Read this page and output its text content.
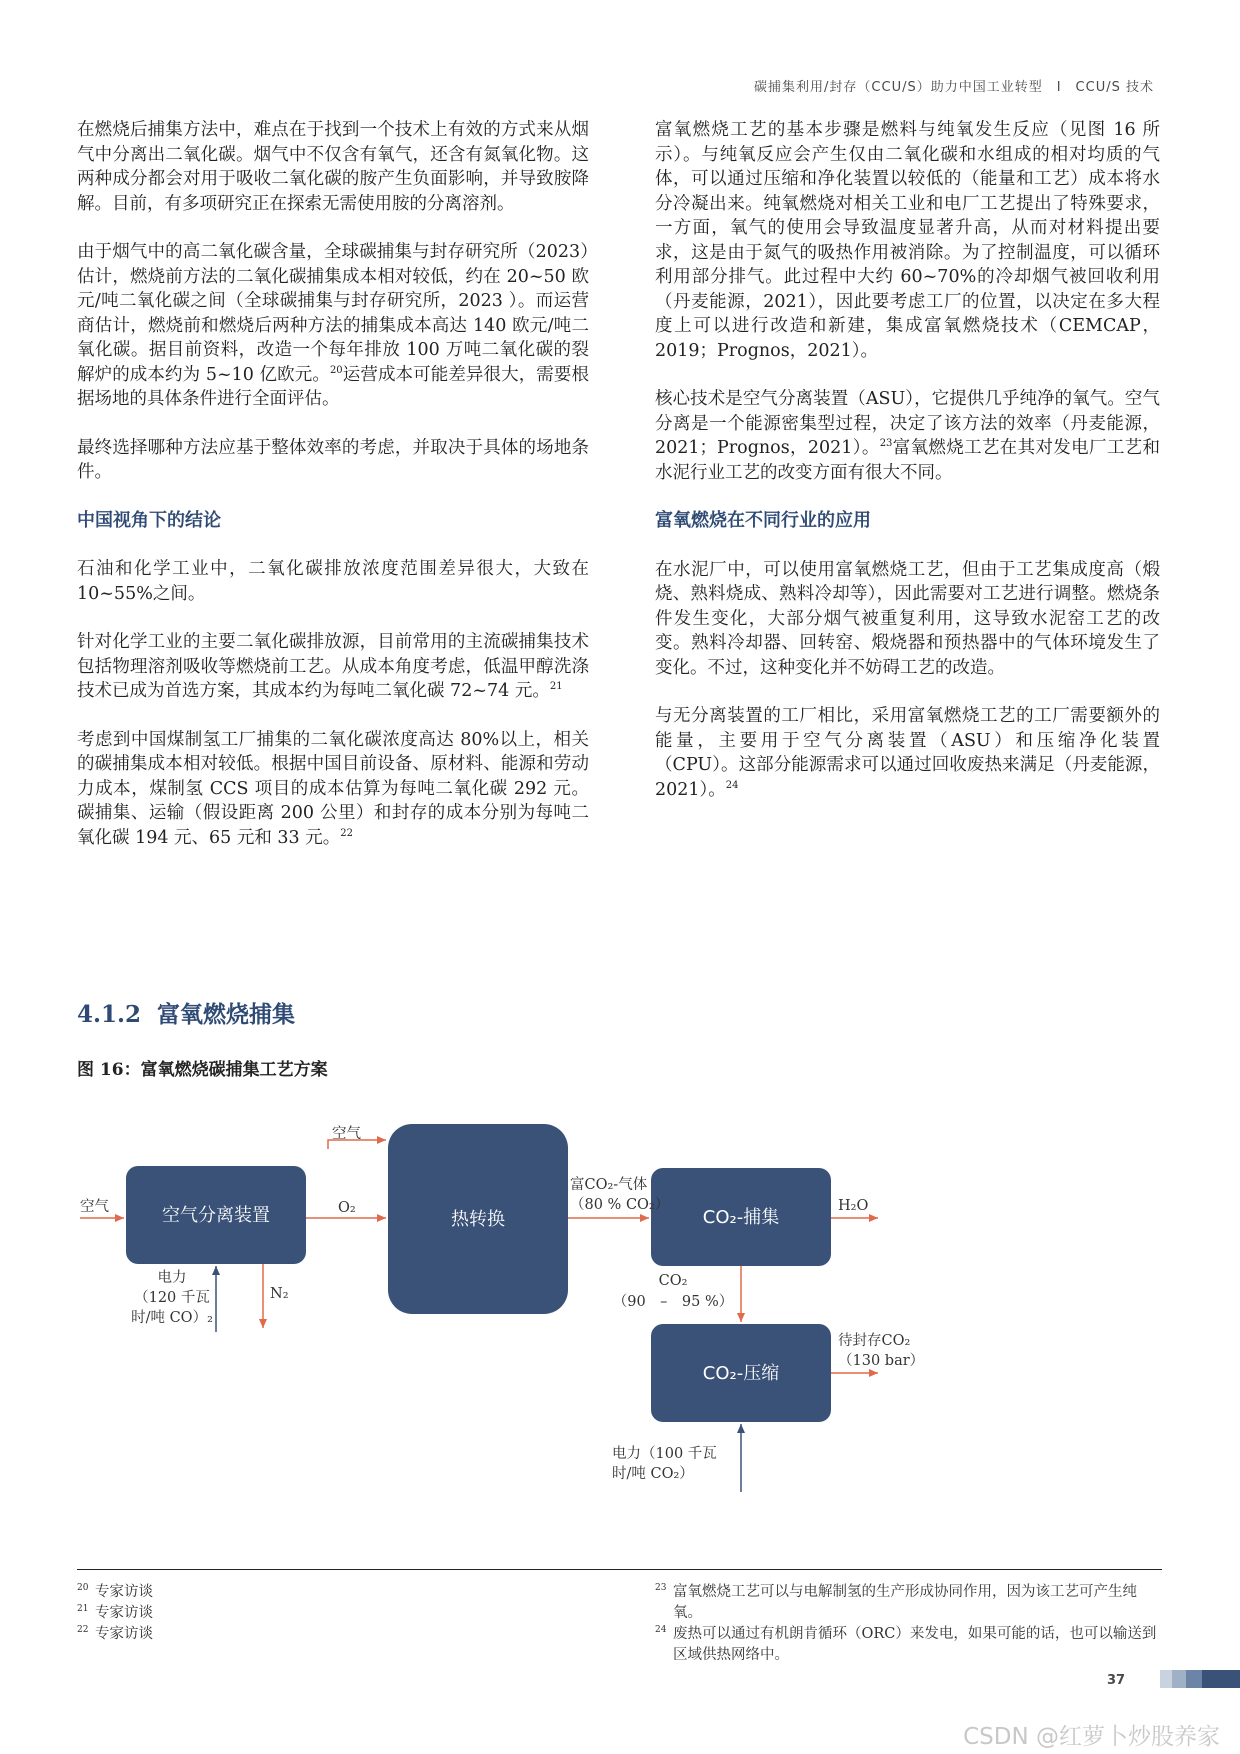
碳捕集利用/封存（CCU/S）助力中国工业转型　Ⅰ　CCU/S 技术

在燃烧后捕集方法中，难点在于找到一个技术上有效的方式来从烟气中分离出二氧化碳。烟气中不仅含有氧气，还含有氮氧化物。这两种成分都会对用于吸收二氧化碳的胺产生负面影响，并导致胺降解。目前，有多项研究正在探索无需使用胺的分离溶剂。

由于烟气中的高二氧化碳含量，全球碳捕集与封存研究所（2023）估计，燃烧前方法的二氧化碳捕集成本相对较低，约在 20~50 欧元/吨二氧化碳之间（全球碳捕集与封存研究所，2023 ）。而运营商估计，燃烧前和燃烧后两种方法的捕集成本高达 140 欧元/吨二氧化碳。据目前资料，改造一个每年排放 100 万吨二氧化碳的裂解炉的成本约为 5~10 亿欧元。$^{20}$运营成本可能差异很大，需要根据场地的具体条件进行全面评估。

最终选择哪种方法应基于整体效率的考虑，并取决于具体的场地条件。

中国视角下的结论

石油和化学工业中，二氧化碳排放浓度范围差异很大，大致在 10~55%之间。

针对化学工业的主要二氧化碳排放源，目前常用的主流碳捕集技术包括物理溶剂吸收等燃烧前工艺。从成本角度考虑，低温甲醇洗涤技术已成为首选方案，其成本约为每吨二氧化碳 72~74 元。$^{21}$

考虑到中国煤制氢工厂捕集的二氧化碳浓度高达 80%以上，相关的碳捕集成本相对较低。根据中国目前设备、原材料、能源和劳动力成本，煤制氢 CCS 项目的成本估算为每吨二氧化碳 292 元。碳捕集、运输（假设距离 200 公里）和封存的成本分别为每吨二氧化碳 194 元、65 元和 33 元。$^{22}$

富氧燃烧工艺的基本步骤是燃料与纯氧发生反应（见图 16 所示）。与纯氧反应会产生仅由二氧化碳和水组成的相对均质的气体，可以通过压缩和净化装置以较低的（能量和工艺）成本将水分冷凝出来。纯氧燃烧对相关工业和电厂工艺提出了特殊要求，一方面，氧气的使用会导致温度显著升高，从而对材料提出要求，这是由于氮气的吸热作用被消除。为了控制温度，可以循环利用部分排气。此过程中大约 60~70%的冷却烟气被回收利用（丹麦能源，2021），因此要考虑工厂的位置，以决定在多大程度上可以进行改造和新建，集成富氧燃烧技术（CEMCAP，2019；Prognos，2021）。

核心技术是空气分离装置（ASU），它提供几乎纯净的氧气。空气分离是一个能源密集型过程，决定了该方法的效率（丹麦能源，2021；Prognos，2021）。$^{23}$富氧燃烧工艺在其对发电厂工艺和水泥行业工艺的改变方面有很大不同。

富氧燃烧在不同行业的应用

在水泥厂中，可以使用富氧燃烧工艺，但由于工艺集成度高（煅烧、熟料烧成、熟料冷却等），因此需要对工艺进行调整。燃烧条件发生变化，大部分烟气被重复利用，这导致水泥窑工艺的改变。熟料冷却器、回转窑、煅烧器和预热器中的气体环境发生了变化。不过，这种变化并不妨碍工艺的改造。

与无分离装置的工厂相比，采用富氧燃烧工艺的工厂需要额外的能量，主要用于空气分离装置（ASU）和压缩净化装置（CPU）。这部分能源需求可以通过回收废热来满足（丹麦能源，2021）。$^{24}$

4.1.2 富氧燃烧捕集

图 16：富氧燃烧碳捕集工艺方案

空气分离装置	热转换	CO₂-捕集
CO₂-压缩
空气
空气
O₂
N₂
电力
（120 千瓦
时/吨 CO）₂
富CO₂-气体
（80 % CO₂）	H₂O
CO₂
（90　–　95 %）
待封存CO₂
（130 bar）
电力（100 千瓦
时/吨 CO₂）

20 专家访谈

21 专家访谈

22 专家访谈

23 富氧燃烧工艺可以与电解制氢的生产形成协同作用，因为该工艺可产生纯氧。

24 废热可以通过有机朗肯循环（ORC）来发电，如果可能的话，也可以输送到区域供热网络中。

37
CSDN @红萝卜炒股养家
